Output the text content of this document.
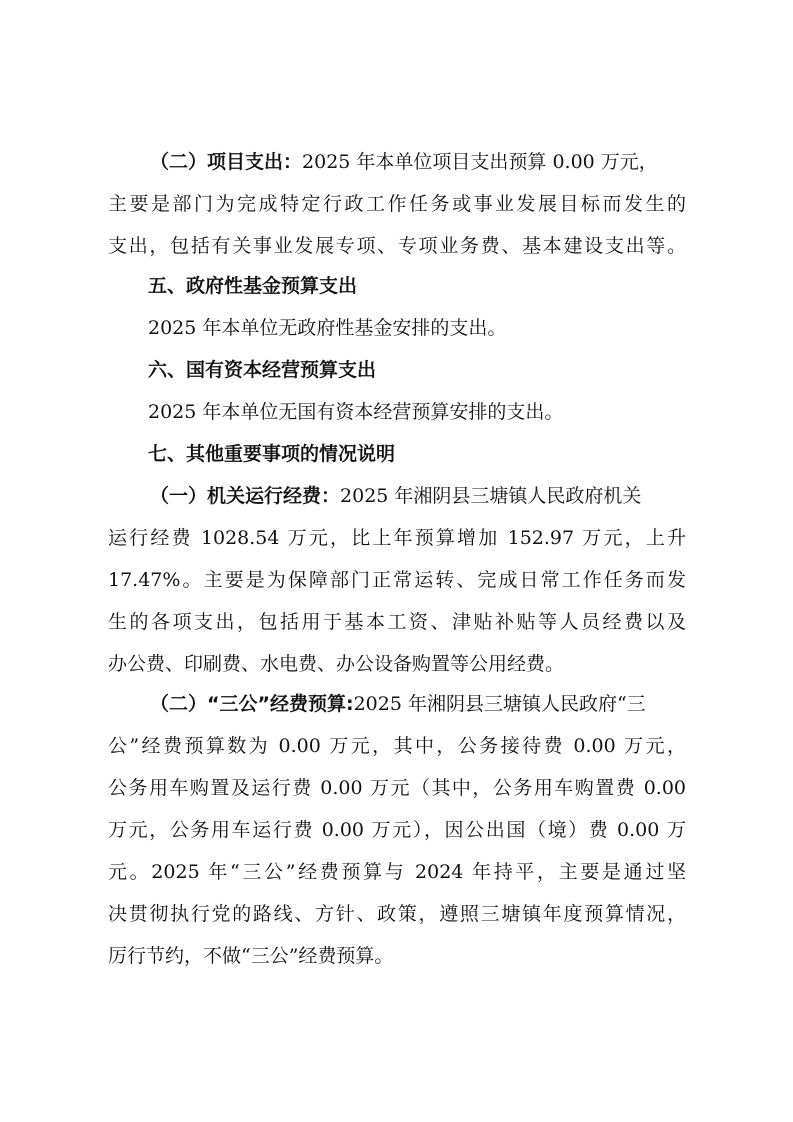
（二）项目支出：2025 年本单位项目支出预算 0.00 万元，
主要是部门为完成特定行政工作任务或事业发展目标而发生的
支出，包括有关事业发展专项、专项业务费、基本建设支出等。
五、政府性基金预算支出
2025 年本单位无政府性基金安排的支出。
六、国有资本经营预算支出
2025 年本单位无国有资本经营预算安排的支出。
七、其他重要事项的情况说明
（一）机关运行经费：2025 年湘阴县三塘镇人民政府机关
运行经费 1028.54 万元，比上年预算增加 152.97 万元，上升
17.47%。主要是为保障部门正常运转、完成日常工作任务而发
生的各项支出，包括用于基本工资、津贴补贴等人员经费以及
办公费、印刷费、水电费、办公设备购置等公用经费。
（二）“三公”经费预算:2025 年湘阴县三塘镇人民政府“三
公”经费预算数为 0.00 万元，其中，公务接待费 0.00 万元，
公务用车购置及运行费 0.00 万元（其中，公务用车购置费 0.00
万元，公务用车运行费 0.00 万元），因公出国（境）费 0.00 万
元。2025 年“三公”经费预算与 2024 年持平，主要是通过坚
决贯彻执行党的路线、方针、政策，遵照三塘镇年度预算情况，
厉行节约，不做“三公”经费预算。
